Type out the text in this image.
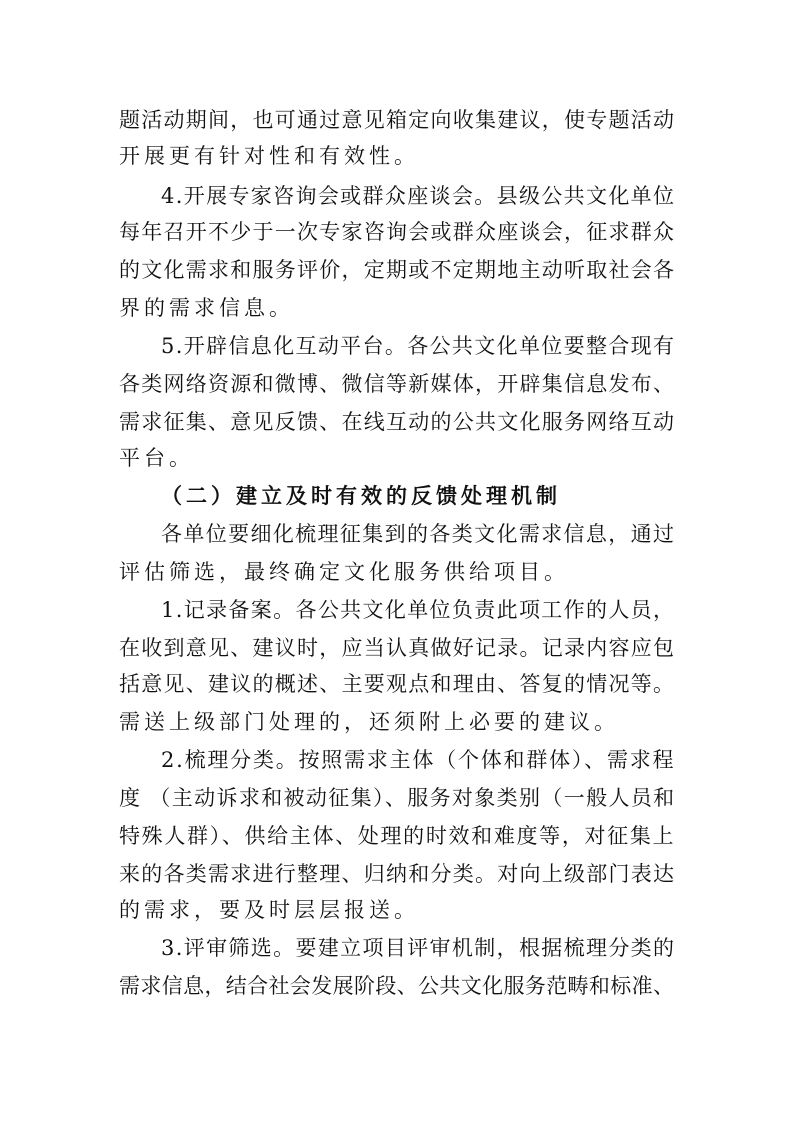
题活动期间，也可通过意见箱定向收集建议，使专题活动
开展更有针对性和有效性。
4.开展专家咨询会或群众座谈会。县级公共文化单位
每年召开不少于一次专家咨询会或群众座谈会，征求群众
的文化需求和服务评价，定期或不定期地主动听取社会各
界的需求信息。
5.开辟信息化互动平台。各公共文化单位要整合现有
各类网络资源和微博、微信等新媒体，开辟集信息发布、
需求征集、意见反馈、在线互动的公共文化服务网络互动
平台。
（二）建立及时有效的反馈处理机制
各单位要细化梳理征集到的各类文化需求信息，通过
评估筛选，最终确定文化服务供给项目。
1.记录备案。各公共文化单位负责此项工作的人员，
在收到意见、建议时，应当认真做好记录。记录内容应包
括意见、建议的概述、主要观点和理由、答复的情况等。
需送上级部门处理的，还须附上必要的建议。
2.梳理分类。按照需求主体（个体和群体）、需求程
度 （主动诉求和被动征集）、服务对象类别（一般人员和
特殊人群）、供给主体、处理的时效和难度等，对征集上
来的各类需求进行整理、归纳和分类。对向上级部门表达
的需求，要及时层层报送。
3.评审筛选。要建立项目评审机制，根据梳理分类的
需求信息，结合社会发展阶段、公共文化服务范畴和标准、
